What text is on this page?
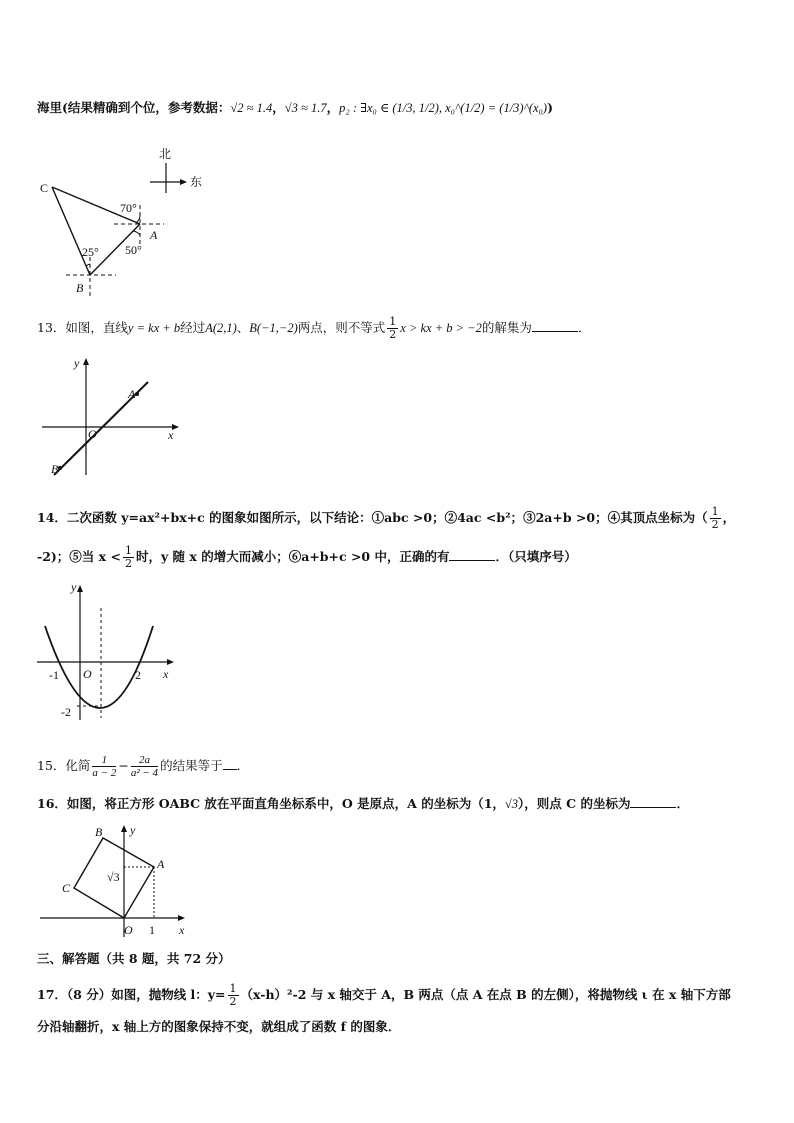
海里(结果精确到个位，参考数据：√2 ≈ 1.4，√3 ≈ 1.7，p₂ : ∃x₀ ∈ (1/3, 1/2), x₀^(1/2) = (1/3)^(x₀))
北
东
C
A
B
70°
50°
25°
13．如图，直线y = kx + b经过A(2,1)、B(−1,−2)两点，则不等式 $\frac{1}{2}$ x > kx + b > −2的解集为	．
y
x
O
A
B
14．二次函数 y=ax²+bx+c 的图象如图所示，以下结论：①abc >0；②4ac <b²；③2a+b >0；④其顶点坐标为（ $\frac{1}{2}$ ，
-2)；⑤当 $x < \frac{1}{2}$ 时，y 随 x 的增大而减小；⑥a+b+c >0 中，正确的有	．（只填序号）
y
x
O
-1	2
-2
15．化简 $\frac{1}{a - 2} - \frac{2a}{\text{a² − 4}}$ 的结果等于 ．
16．如图，将正方形 OABC 放在平面直角坐标系中，O 是原点，A 的坐标为（1，√3），则点 C 的坐标为	．
B y
A
C
√3
O 1 x
三、解答题（共 8 题，共 72 分）
17．（8 分）如图，抛物线 l：$y= \frac{1}{2} (x-h)^2-2$ 与 x 轴交于 A，B 两点（点 A 在点 B 的左侧），将抛物线 ι 在 x 轴下方部
分沿轴翻折，x 轴上方的图象保持不变，就组成了函数 f 的图象．
